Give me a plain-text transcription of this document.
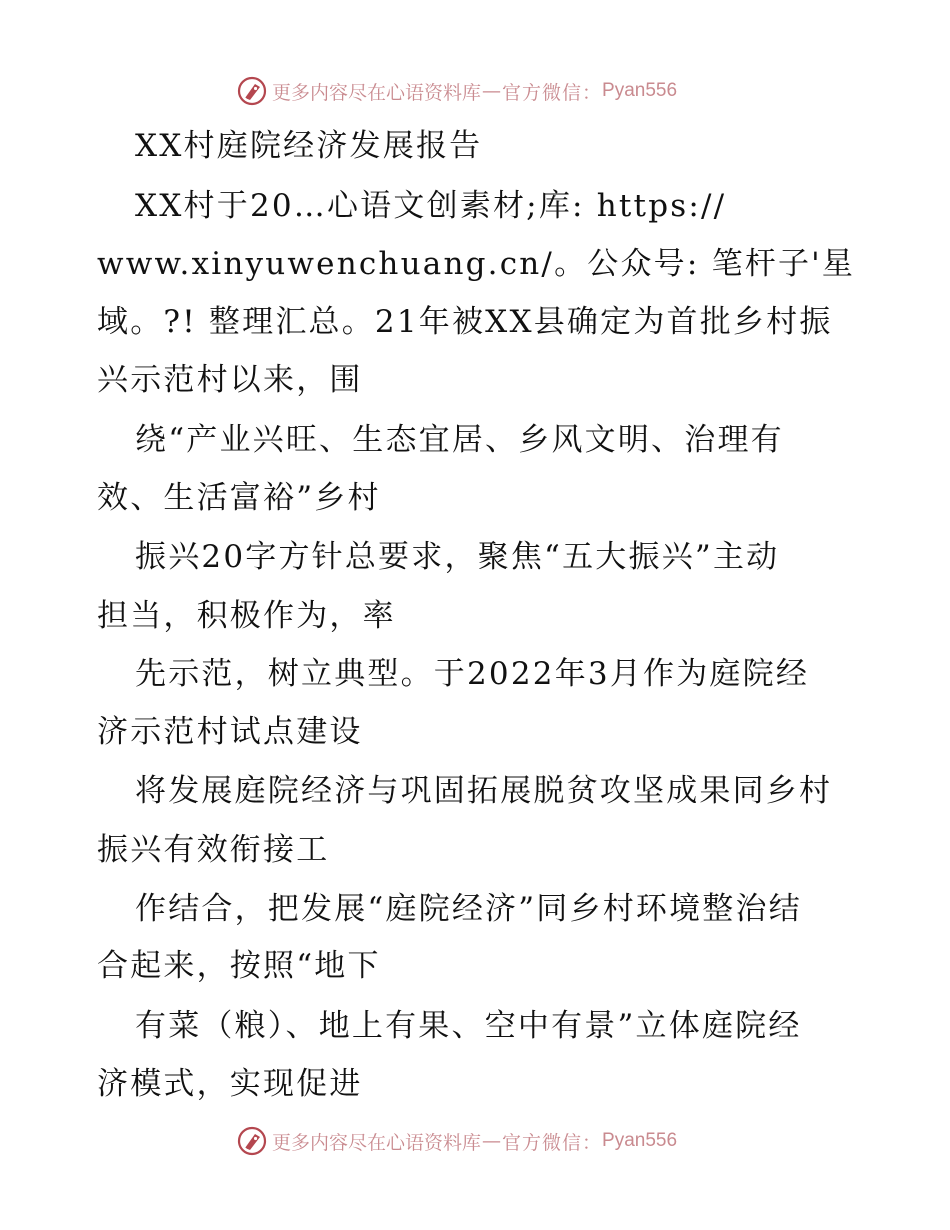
更多内容尽在心语资料库 — 官方微信： Pyan556
XX村庭院经济发展报告
XX村于20…心语文创素材;库: https://
www.xinyuwenchuang.cn/。公众号: 笔杆子'星
域。?! 整理汇总。21年被XX县确定为首批乡村振
兴示范村以来，围
绕“产业兴旺、生态宜居、乡风文明、治理有
效、生活富裕”乡村
振兴20字方针总要求，聚焦“五大振兴”主动
担当，积极作为，率
先示范，树立典型。于2022年3月作为庭院经
济示范村试点建设
将发展庭院经济与巩固拓展脱贫攻坚成果同乡村
振兴有效衔接工
作结合，把发展“庭院经济”同乡村环境整治结
合起来，按照“地下
有菜（粮）、地上有果、空中有景”立体庭院经
济模式，实现促进
更多内容尽在心语资料库 — 官方微信： Pyan556
